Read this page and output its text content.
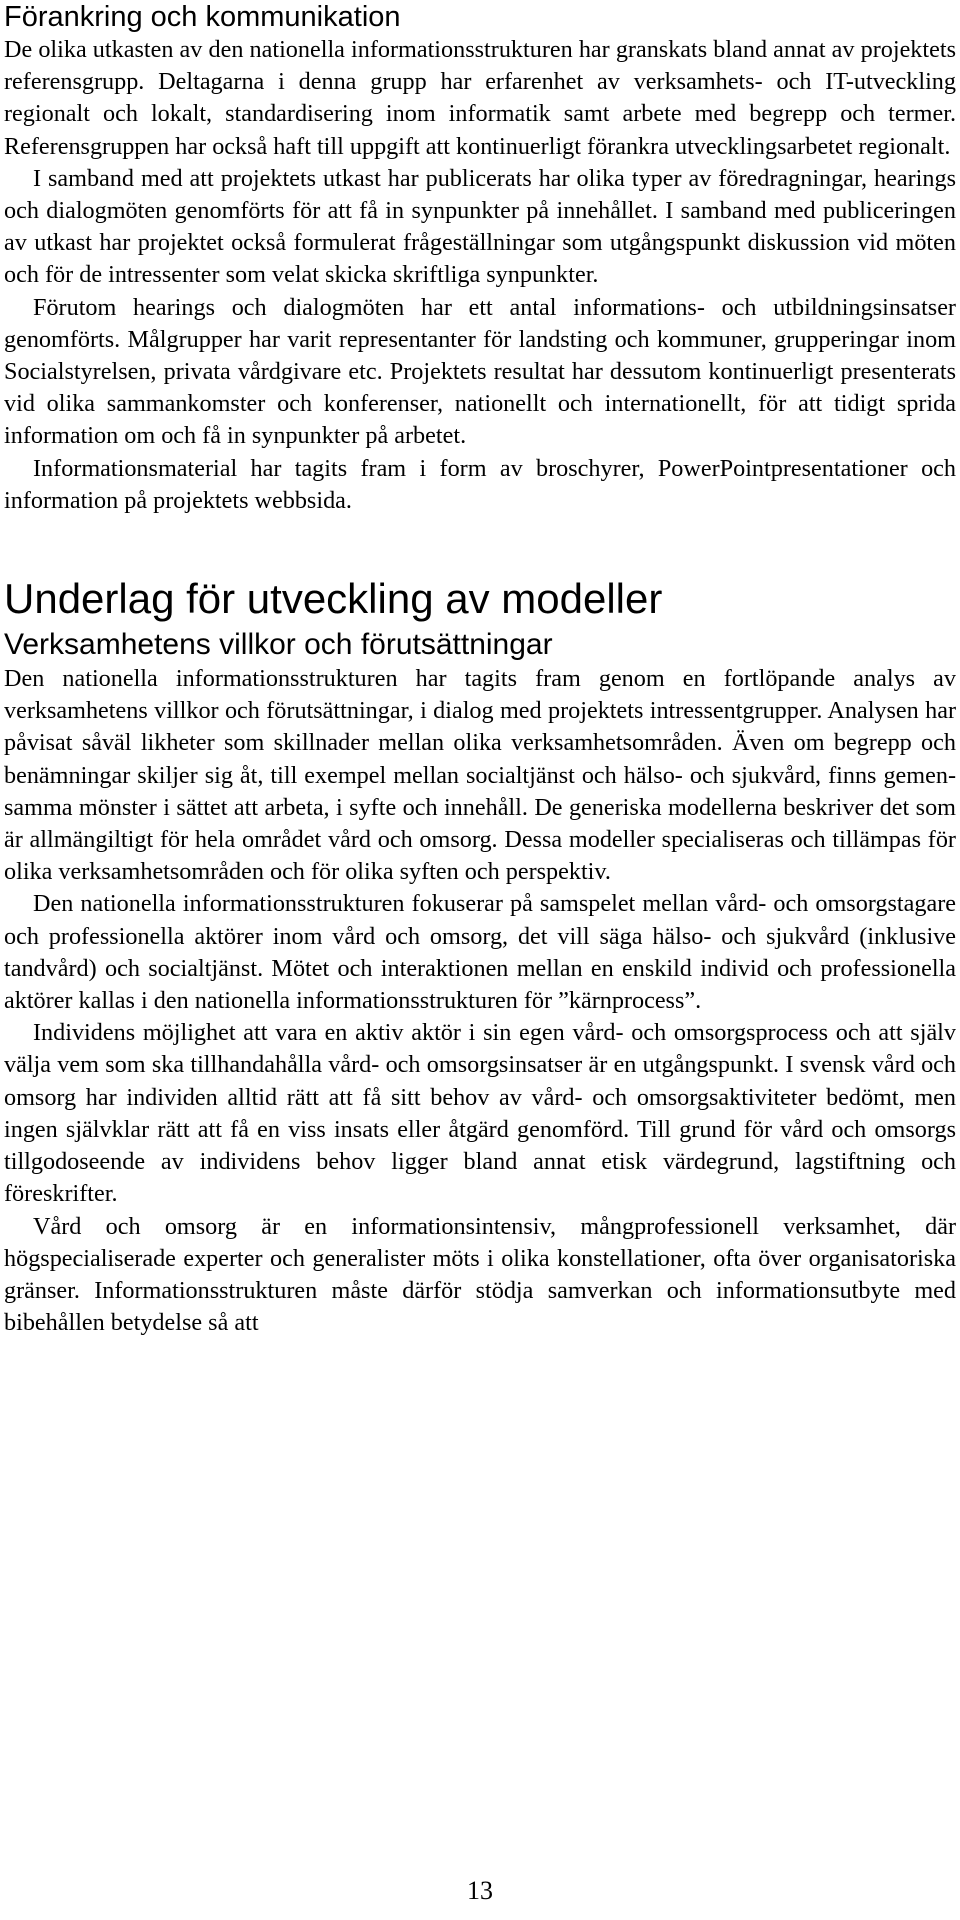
Förankring och kommunikation

De olika utkasten av den nationella informationsstrukturen har granskats bland annat av projektets referensgrupp. Deltagarna i denna grupp har erfarenhet av verksamhets- och IT-utveckling regionalt och lokalt, standardisering inom informatik samt arbete med begrepp och termer. Referensgruppen har också haft till uppgift att kontinuerligt förankra utvecklingsarbetet regionalt.

I samband med att projektets utkast har publicerats har olika typer av föredragningar, hearings och dialogmöten genomförts för att få in synpunkter på innehållet. I samband med publiceringen av utkast har projektet också formulerat frågeställningar som utgångspunkt diskussion vid möten och för de intressenter som velat skicka skriftliga synpunkter.

Förutom hearings och dialogmöten har ett antal informations- och utbildningsinsatser genomförts. Målgrupper har varit representanter för landsting och kommuner, grupperingar inom Socialstyrelsen, privata vårdgivare etc. Projektets resultat har dessutom kontinuerligt presenterats vid olika sammankomster och konferenser, nationellt och internationellt, för att tidigt sprida information om och få in synpunkter på arbetet.

Informationsmaterial har tagits fram i form av broschyrer, PowerPointpresentationer och information på projektets webbsida.

Underlag för utveckling av modeller
Verksamhetens villkor och förutsättningar

Den nationella informationsstrukturen har tagits fram genom en fortlöpande analys av verksamhetens villkor och förutsättningar, i dialog med projektets intressentgrupper. Analysen har påvisat såväl likheter som skillnader mellan olika verksamhetsområden. Även om begrepp och benämningar skiljer sig åt, till exempel mellan socialtjänst och hälso- och sjukvård, finns gemensamma mönster i sättet att arbeta, i syfte och innehåll. De generiska modellerna beskriver det som är allmängiltigt för hela området vård och omsorg. Dessa modeller specialiseras och tillämpas för olika verksamhetsområden och för olika syften och perspektiv.

Den nationella informationsstrukturen fokuserar på samspelet mellan vård- och omsorgstagare och professionella aktörer inom vård och omsorg, det vill säga hälso- och sjukvård (inklusive tandvård) och socialtjänst. Mötet och interaktionen mellan en enskild individ och professionella aktörer kallas i den nationella informationsstrukturen för ”kärnprocess”.

Individens möjlighet att vara en aktiv aktör i sin egen vård- och omsorgsprocess och att själv välja vem som ska tillhandahålla vård- och omsorgsinsatser är en utgångspunkt. I svensk vård och omsorg har individen alltid rätt att få sitt behov av vård- och omsorgsaktiviteter bedömt, men ingen självklar rätt att få en viss insats eller åtgärd genomförd. Till grund för vård och omsorgs tillgodoseende av individens behov ligger bland annat etisk värdegrund, lagstiftning och föreskrifter.

Vård och omsorg är en informationsintensiv, mångprofessionell verksamhet, där högspecialiserade experter och generalister möts i olika konstellationer, ofta över organisatoriska gränser. Informationsstrukturen måste därför stödja samverkan och informationsutbyte med bibehållen betydelse så att

13
